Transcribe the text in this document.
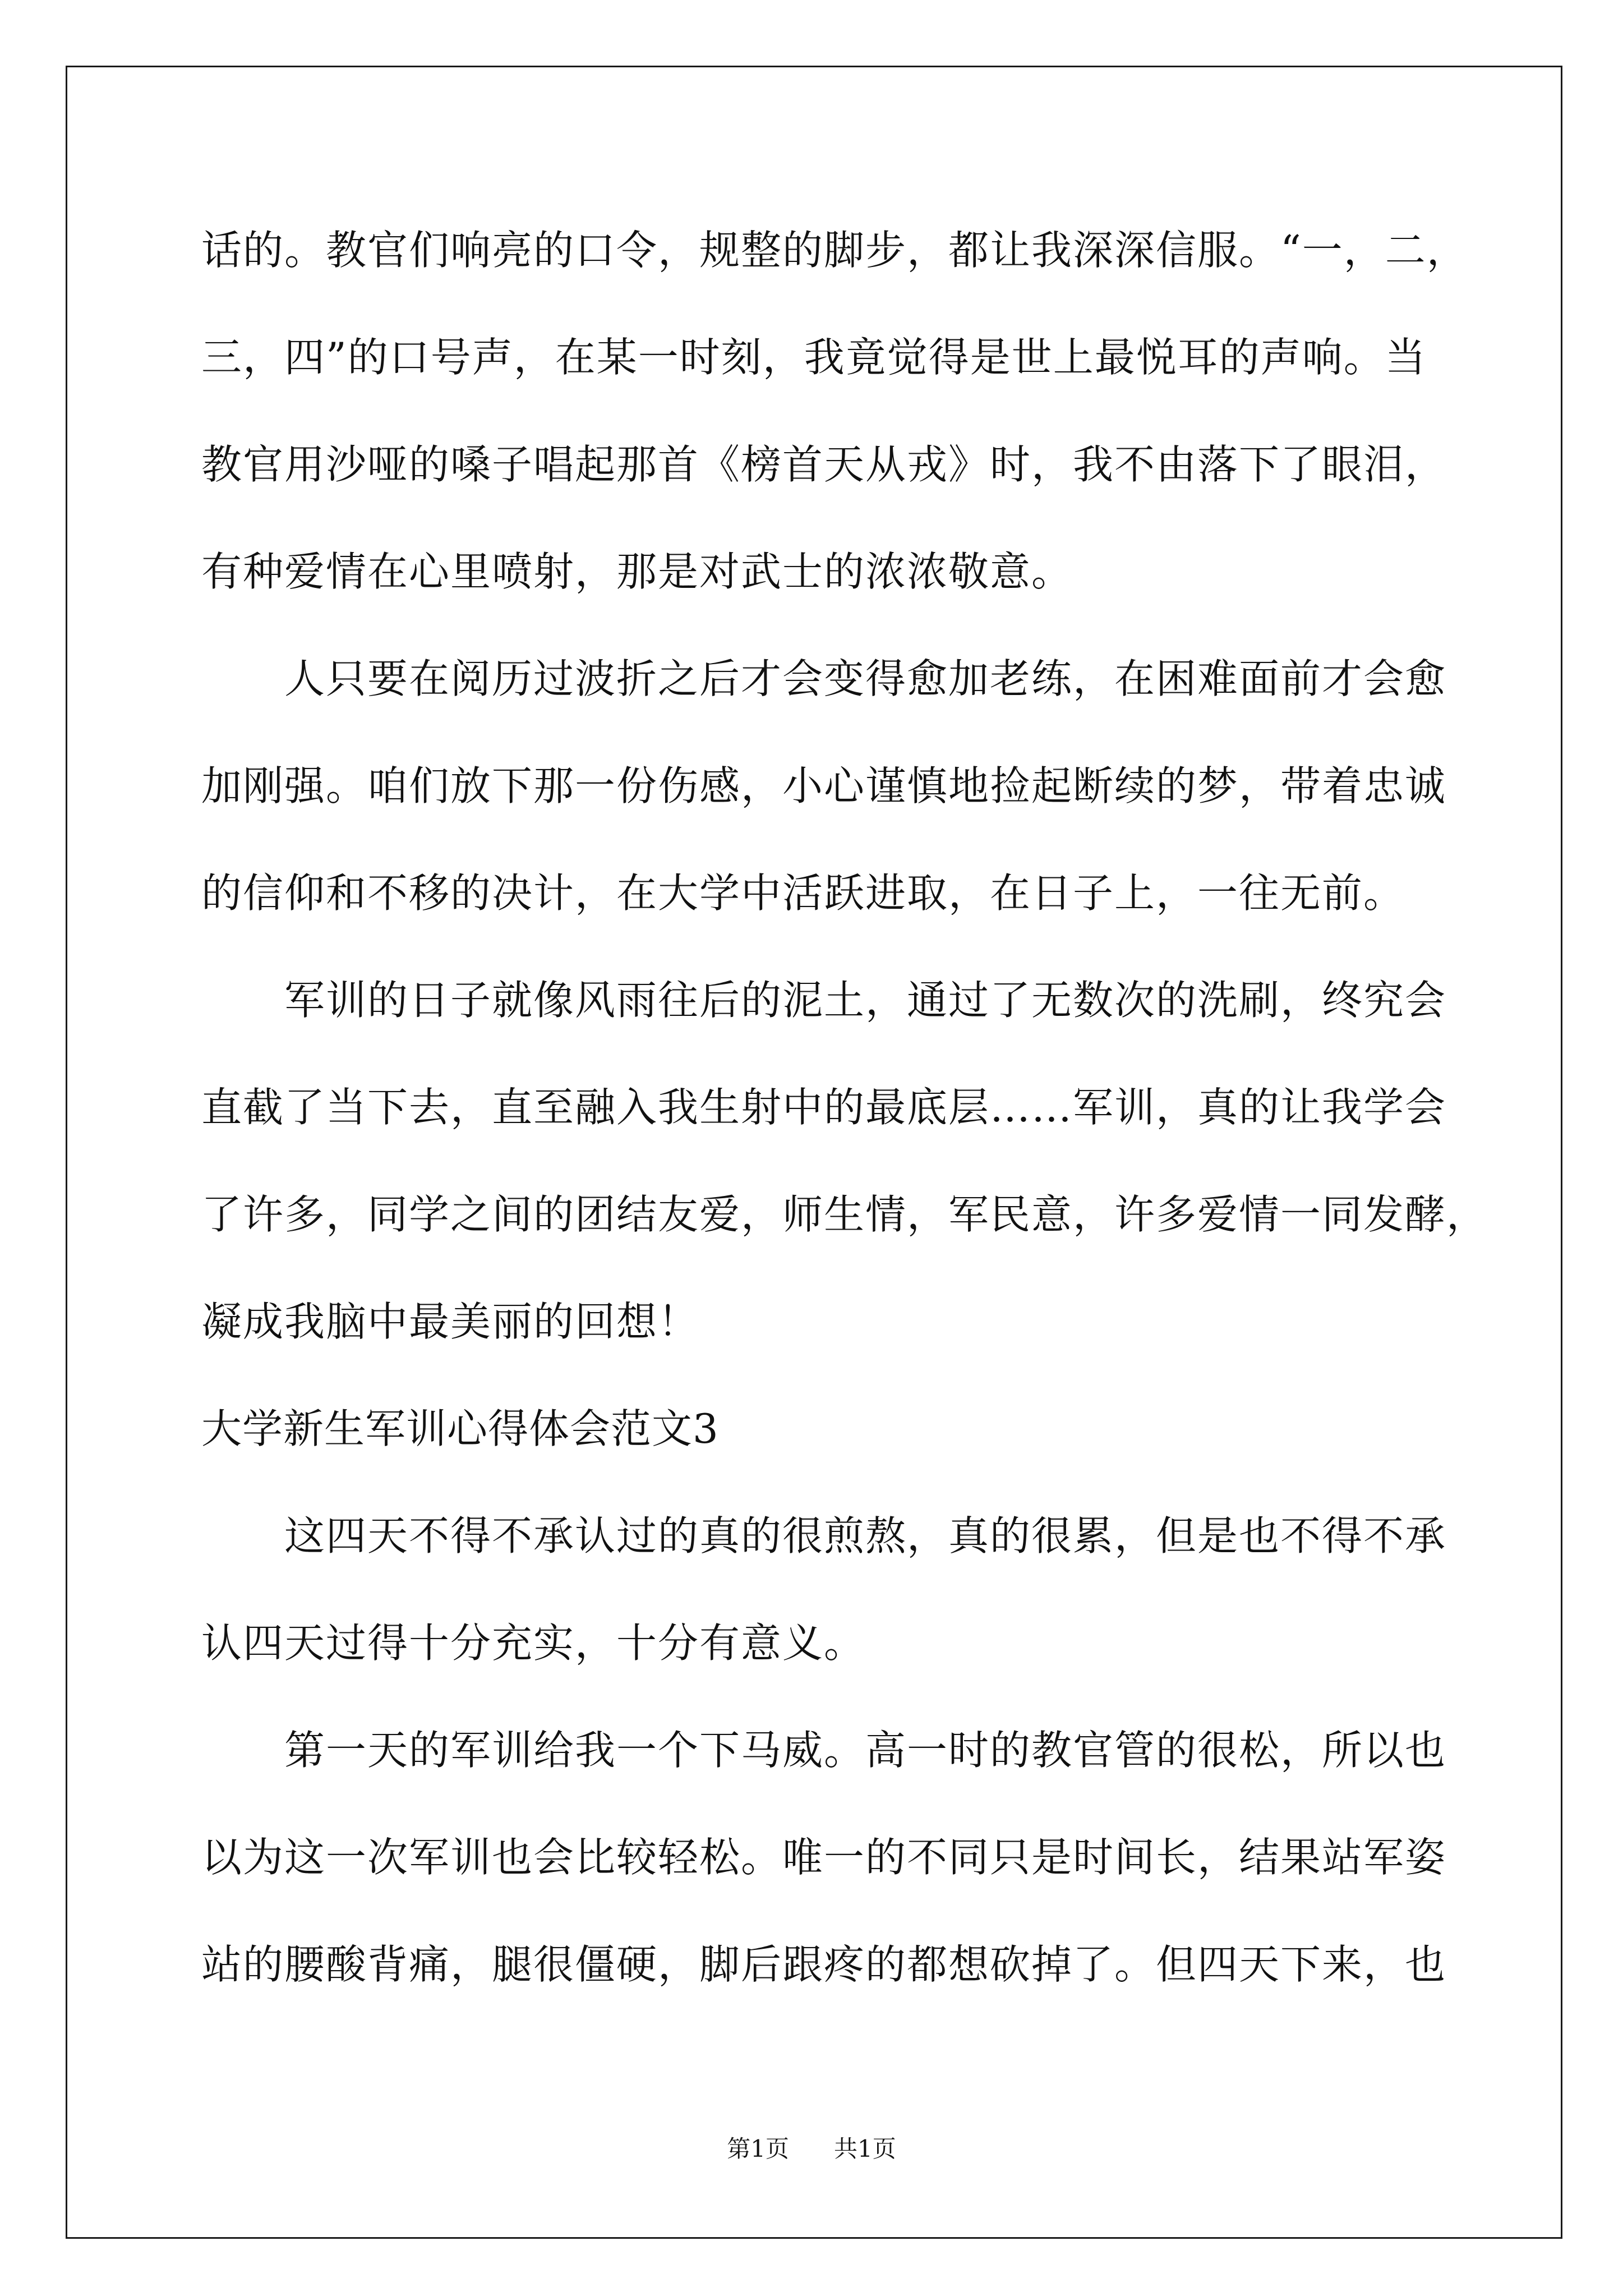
话的。教官们响亮的口令，规整的脚步，都让我深深信服。“一，二，
三，四”的口号声，在某一时刻，我竟觉得是世上最悦耳的声响。当
教官用沙哑的嗓子唱起那首《榜首天从戎》时，我不由落下了眼泪，
有种爱情在心里喷射，那是对武士的浓浓敬意。
人只要在阅历过波折之后才会变得愈加老练，在困难面前才会愈
加刚强。咱们放下那一份伤感，小心谨慎地捡起断续的梦，带着忠诚
的信仰和不移的决计，在大学中活跃进取，在日子上，一往无前。
军训的日子就像风雨往后的泥土，通过了无数次的洗刷，终究会
直截了当下去，直至融入我生射中的最底层……军训，真的让我学会
了许多，同学之间的团结友爱，师生情，军民意，许多爱情一同发酵，
凝成我脑中最美丽的回想！
大学新生军训心得体会范文3
这四天不得不承认过的真的很煎熬，真的很累，但是也不得不承
认四天过得十分充实，十分有意义。
第一天的军训给我一个下马威。高一时的教官管的很松，所以也
以为这一次军训也会比较轻松。唯一的不同只是时间长，结果站军姿
站的腰酸背痛，腿很僵硬，脚后跟疼的都想砍掉了。但四天下来，也
第1页 共1页
